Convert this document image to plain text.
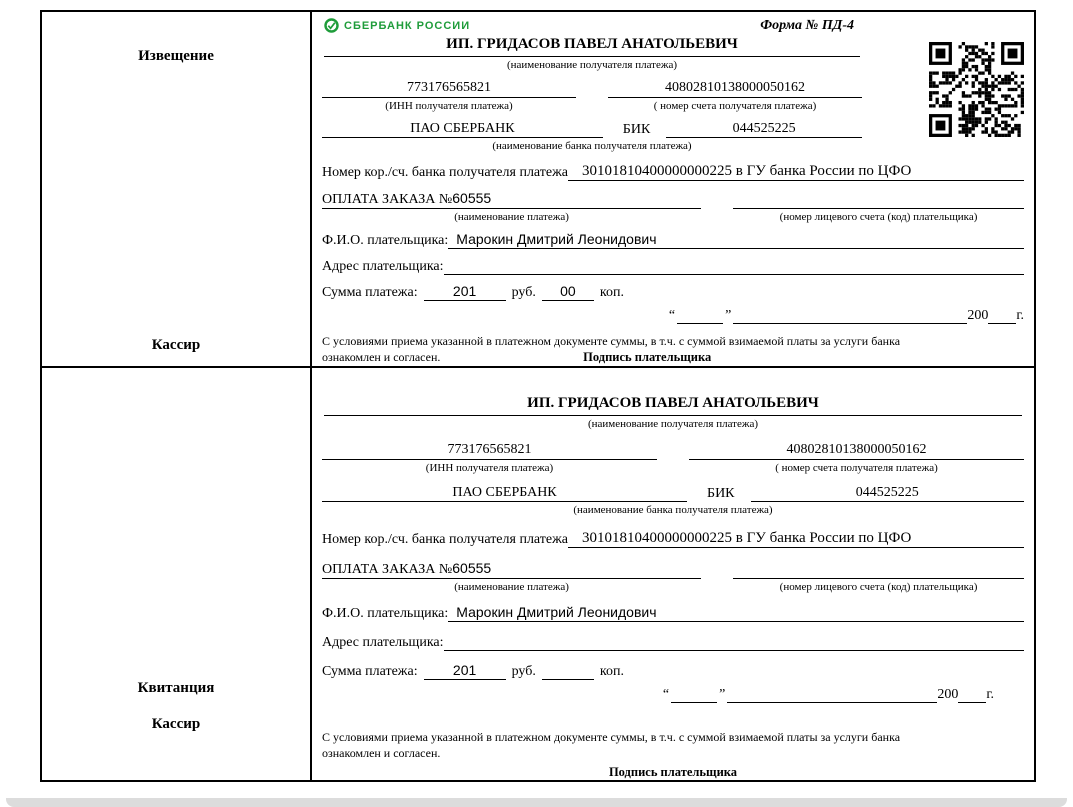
Извещение
Кассир
СБЕРБАНК РОССИИ	Форма № ПД-4
ИП. ГРИДАСОВ ПАВЕЛ АНАТОЛЬЕВИЧ
(наименование получателя платежа)
773176565821	40802810138000050162
(ИНН получателя платежа)	( номер счета получателя платежа)
ПАО СБЕРБАНК	БИК	044525225
(наименование банка получателя платежа)
Номер кор./сч. банка получателя платежа 30101810400000000225 в ГУ банка России по ЦФО
ОПЛАТА ЗАКАЗА №60555
(наименование платежа)	(номер лицевого счета (код) плательщика)
Ф.И.О. плательщика: Марокин Дмитрий Леонидович
Адрес плательщика:
Сумма платежа:	201	руб.	00	коп.
“	”	200 г.
С условиями приема указанной в платежном документе суммы, в т.ч. с суммой взимаемой платы за услуги банка
ознакомлен и согласен.	Подпись плательщика
Квитанция
Кассир
ИП. ГРИДАСОВ ПАВЕЛ АНАТОЛЬЕВИЧ
(наименование получателя платежа)
773176565821	40802810138000050162
(ИНН получателя платежа)	( номер счета получателя платежа)
ПАО СБЕРБАНК	БИК	044525225
(наименование банка получателя платежа)
Номер кор./сч. банка получателя платежа 30101810400000000225 в ГУ банка России по ЦФО
ОПЛАТА ЗАКАЗА №60555
(наименование платежа)	(номер лицевого счета (код) плательщика)
Ф.И.О. плательщика: Марокин Дмитрий Леонидович
Адрес плательщика:
Сумма платежа:	201	руб.	коп.
“	”	200 г.
С условиями приема указанной в платежном документе суммы, в т.ч. с суммой взимаемой платы за услуги банка
ознакомлен и согласен.
Подпись плательщика
